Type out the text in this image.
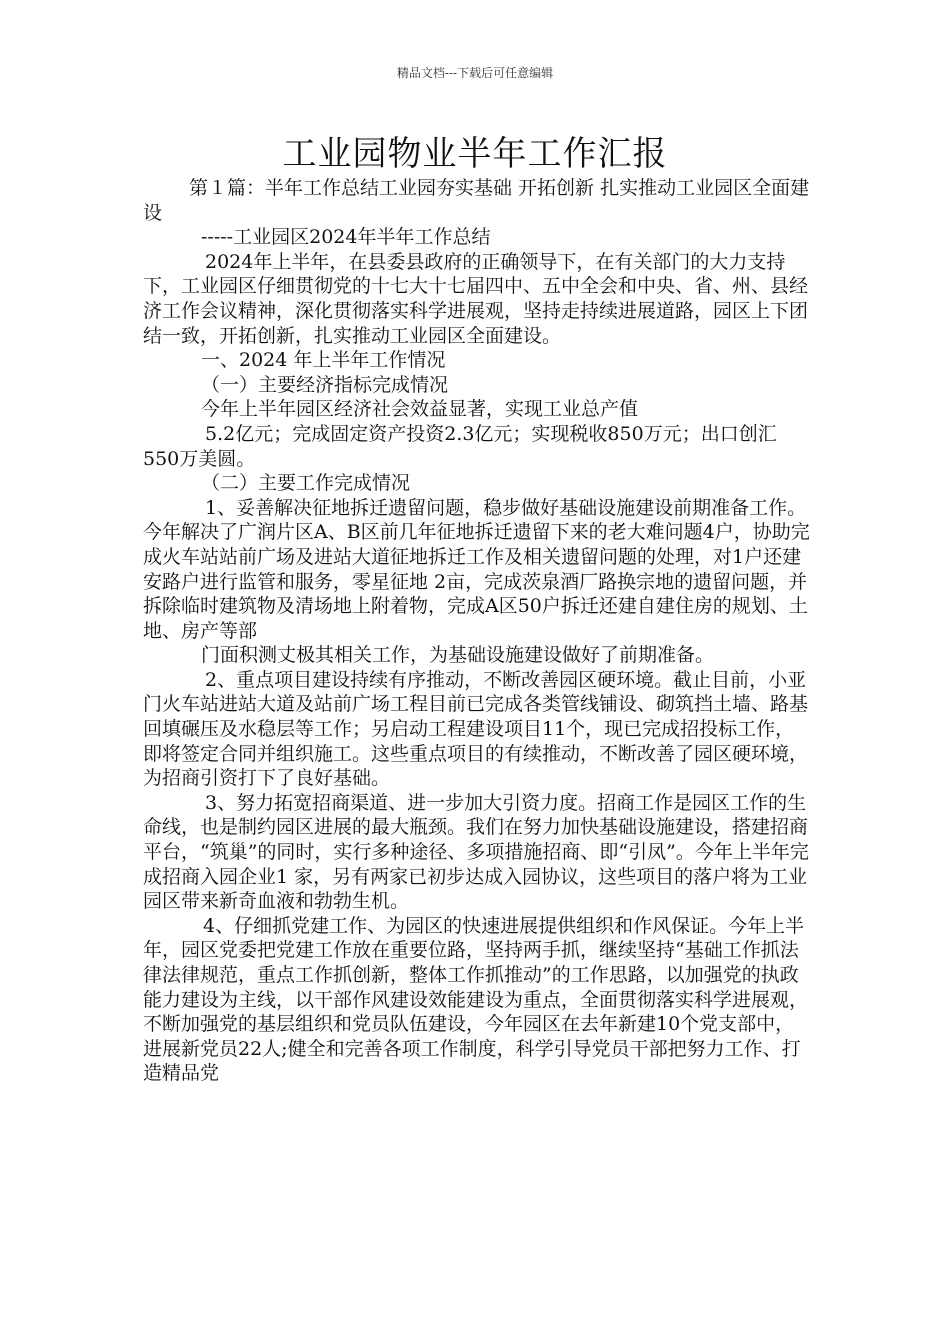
精品文档---下载后可任意编辑
工业园物业半年工作汇报

第１篇：半年工作总结工业园夯实基础 开拓创新 扎实推动工业园区全面建设

-----工业园区2024年半年工作总结

2024年上半年，在县委县政府的正确领导下，在有关部门的大力支持下，工业园区仔细贯彻党的十七大十七届四中、五中全会和中央、省、州、县经济工作会议精神，深化贯彻落实科学进展观，坚持走持续进展道路，园区上下团结一致，开拓创新，扎实推动工业园区全面建设。

一、2024 年上半年工作情况

（一）主要经济指标完成情况

今年上半年园区经济社会效益显著，实现工业总产值

5.2亿元；完成固定资产投资2.3亿元；实现税收850万元；出口创汇 550万美圆。

（二）主要工作完成情况

1、妥善解决征地拆迁遗留问题，稳步做好基础设施建设前期准备工作。今年解决了广润片区A、B区前几年征地拆迁遗留下来的老大难问题4户，协助完成火车站站前广场及进站大道征地拆迁工作及相关遗留问题的处理，对1户还建安路户进行监管和服务，零星征地 2亩，完成茨泉酒厂路换宗地的遗留问题，并拆除临时建筑物及清场地上附着物，完成A区50户拆迁还建自建住房的规划、土地、房产等部

门面积测丈极其相关工作，为基础设施建设做好了前期准备。

2、重点项目建设持续有序推动，不断改善园区硬环境。截止目前，小亚门火车站进站大道及站前广场工程目前已完成各类管线铺设、砌筑挡土墙、路基回填碾压及水稳层等工作；另启动工程建设项目11个，现已完成招投标工作，即将签定合同并组织施工。这些重点项目的有续推动，不断改善了园区硬环境，为招商引资打下了良好基础。

3、努力拓宽招商渠道、进一步加大引资力度。招商工作是园区工作的生命线，也是制约园区进展的最大瓶颈。我们在努力加快基础设施建设，搭建招商平台，“筑巢”的同时，实行多种途径、多项措施招商、即“引凤”。今年上半年完成招商入园企业1 家，另有两家已初步达成入园协议，这些项目的落户将为工业园区带来新奇血液和勃勃生机。

4、仔细抓党建工作、为园区的快速进展提供组织和作风保证。今年上半年，园区党委把党建工作放在重要位路，坚持两手抓，继续坚持“基础工作抓法律法律规范，重点工作抓创新，整体工作抓推动”的工作思路，以加强党的执政能力建设为主线，以干部作风建设效能建设为重点，全面贯彻落实科学进展观，不断加强党的基层组织和党员队伍建设，今年园区在去年新建10个党支部中，进展新党员22人;健全和完善各项工作制度，科学引导党员干部把努力工作、打造精品党
